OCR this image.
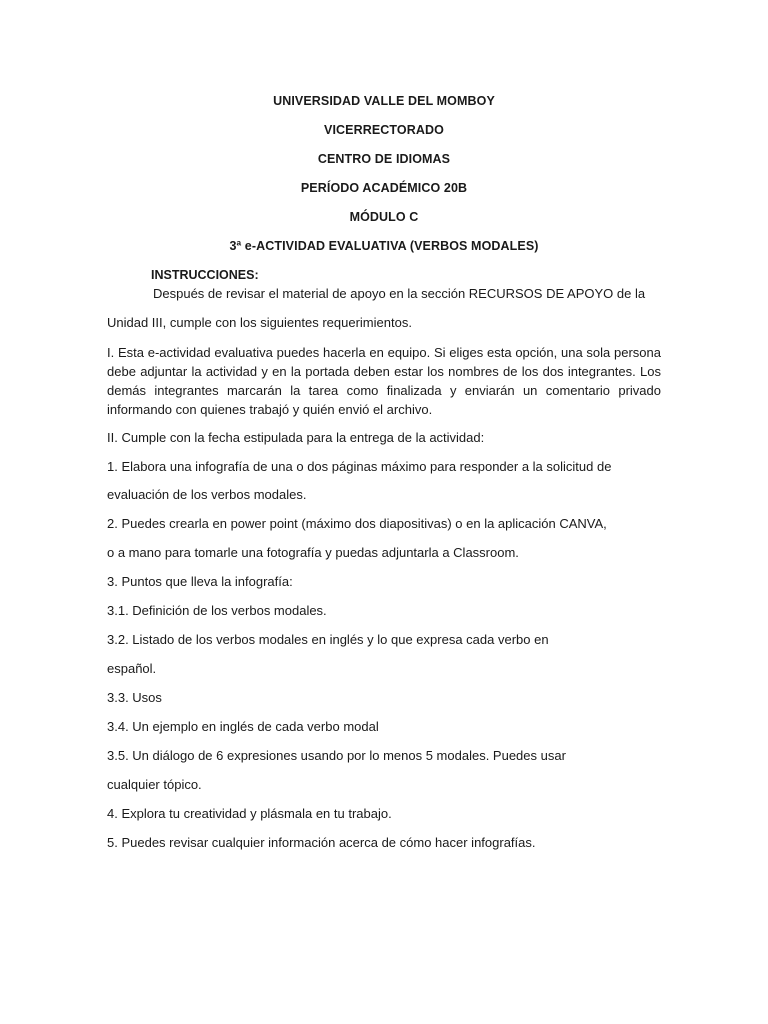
UNIVERSIDAD VALLE DEL MOMBOY
VICERRECTORADO
CENTRO DE IDIOMAS
PERÍODO ACADÉMICO 20B
MÓDULO C
3ª e-ACTIVIDAD EVALUATIVA (VERBOS MODALES)
INSTRUCCIONES:
Después de revisar el material de apoyo en la sección RECURSOS DE APOYO de la
Unidad III, cumple con los siguientes requerimientos.
I. Esta e-actividad evaluativa puedes hacerla en equipo. Si eliges esta opción, una sola persona debe adjuntar la actividad y en la portada deben estar los nombres de los dos integrantes. Los demás integrantes marcarán la tarea como finalizada y enviarán un comentario privado informando con quienes trabajó y quién envió el archivo.
II. Cumple con la fecha estipulada para la entrega de la actividad:
1. Elabora una infografía de una o dos páginas máximo para responder a la solicitud de
evaluación de los verbos modales.
2. Puedes crearla en power point (máximo dos diapositivas) o en la aplicación CANVA,
o a mano para tomarle una fotografía y puedas adjuntarla a Classroom.
3. Puntos que lleva la infografía:
3.1. Definición de los verbos modales.
3.2. Listado de los verbos modales en inglés y lo que expresa cada verbo en
español.
3.3. Usos
3.4. Un ejemplo en inglés de cada verbo modal
3.5. Un diálogo de 6 expresiones usando por lo menos 5 modales. Puedes usar
cualquier tópico.
4. Explora tu creatividad y plásmala en tu trabajo.
5. Puedes revisar cualquier información acerca de cómo hacer infografías.
